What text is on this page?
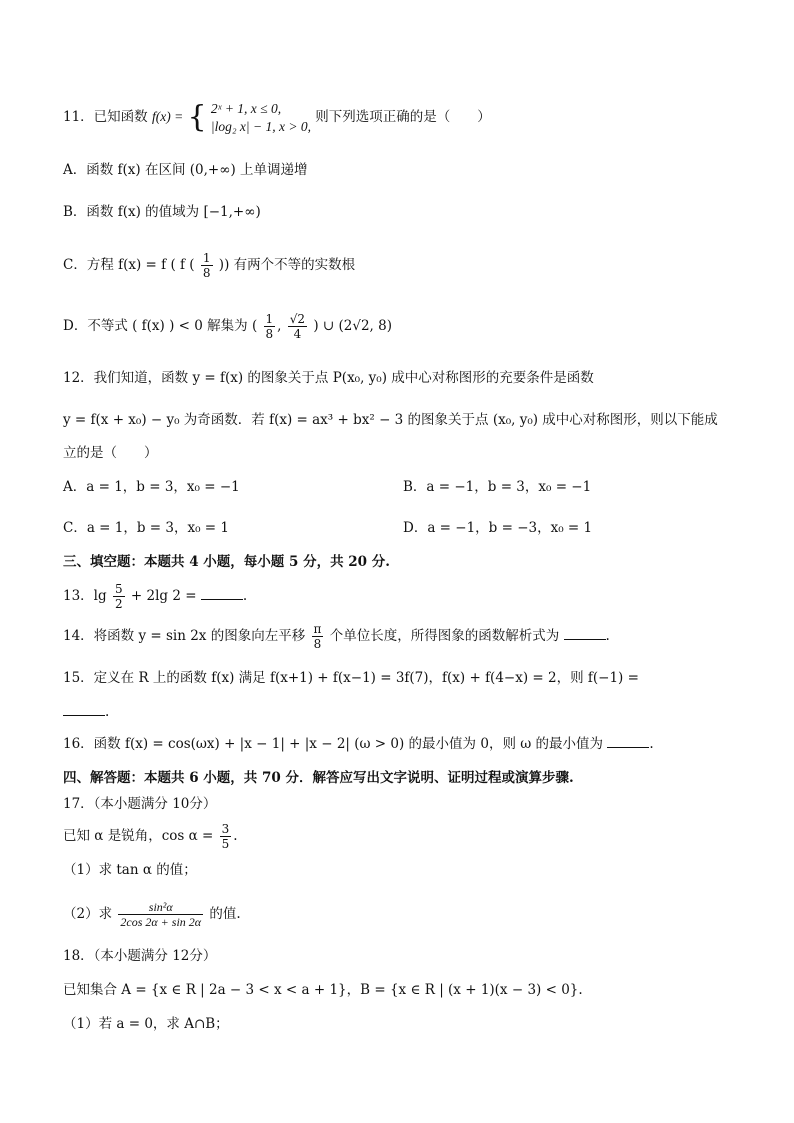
11．已知函数 f(x) = { 2ˣ + 1, x ≤ 0,
|log₂ x| − 1, x > 0,
则下列选项正确的是（　　）
A．函数 f(x) 在区间 (0,+∞) 上单调递增
B．函数 f(x) 的值域为 [−1,+∞)
C．方程 f(x) = f ( f ( $\frac{1}{8}$ )) 有两个不等的实数根
D．不等式 ( f(x) ) < 0 解集为 ( $\frac{1}{8}$ , $\frac{√2}{4}$ ) ∪ (2√2, 8)
12．我们知道，函数 y = f(x) 的图象关于点 P(x₀, y₀) 成中心对称图形的充要条件是函数
y = f(x + x₀) − y₀ 为奇函数．若 f(x) = ax³ + bx² − 3 的图象关于点 (x₀, y₀) 成中心对称图形，则以下能成
立的是（　　）
A．a = 1，b = 3，x₀ = −1	B．a = −1，b = 3，x₀ = −1
C．a = 1，b = 3，x₀ = 1	D．a = −1，b = −3，x₀ = 1
三、填空题：本题共 4 小题，每小题 5 分，共 20 分.
13．$\lg \frac{5}{2} + 2\lg$ 2 =	.
14．将函数 y = sin 2x 的图象向左平移 $\frac{\pi}{8}$ 个单位长度，所得图象的函数解析式为	.
15．定义在 R 上的函数 f(x) 满足 f(x+1) + f(x−1) = 3f(7)，f(x) + f(4−x) = 2，则 f(−1) =
.
16．函数 f(x) = cos(ωx) + |x − 1| + |x − 2| (ω > 0) 的最小值为 0，则 ω 的最小值为	.
四、解答题：本题共 6 小题，共 70 分．解答应写出文字说明、证明过程或演算步骤.
17．（本小题满分 10分）
已知 α 是锐角，$\cos \alpha = \frac{3}{5}$ .
（1）求 tan α 的值；
（2）求 $\frac{\text{sin²α}}{2\cos 2\alpha + \sin 2\alpha}$ 的值.
18．（本小题满分 12分）
已知集合 A = {x ∈ R | 2a − 3 < x < a + 1}，B = {x ∈ R | (x + 1)(x − 3) < 0}.
（1）若 a = 0，求 A∩B；
